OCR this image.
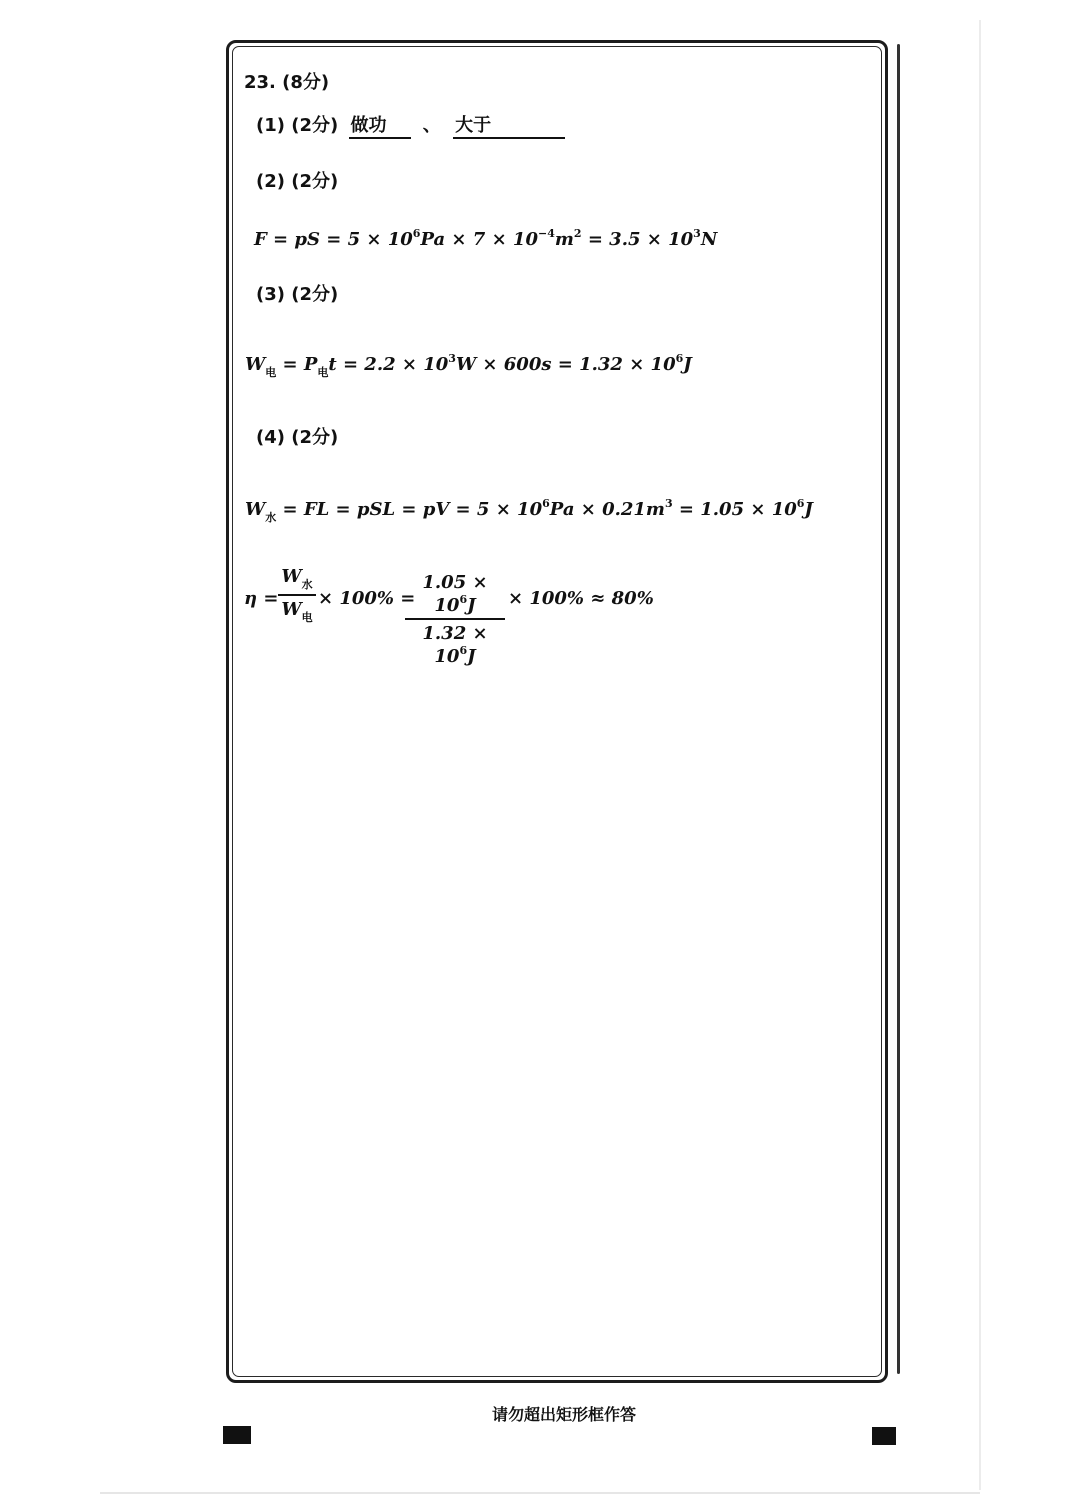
23. (8分)
(1) (2分) 做功 、 大于
(2) (2分)
F = pS = $5 \times 10^6Pa \times 7 \times 10^{-4}m^2 = 3.5 \times 10^3N$
(3) (2分)
$W_电 = P_电t = 2.2 \times 10^3W \times 600s = 1.32 \times 10^6J$
(4) (2分)
$W_水$ = FL = pSL = pV = $5 \times 10^6Pa \times 0.21m^3 = 1.05 \times 10^6J$
η =
$W_水$
$W_电$
× 100% =
$\frac{1.05 \times 10^6J}{1.32 \times 10^6J} \times 100\% \approx 80\%$
请勿超出矩形框作答
